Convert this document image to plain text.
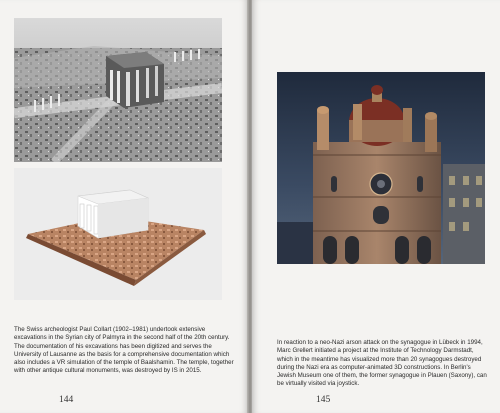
The Swiss archeologist Paul Collart (1902–1981) undertook extensive excavations in the Syrian city of Palmyra in the second half of the 20th century. The documentation of his excavations has been digitized and serves the University of Lausanne as the basis for a comprehensive documentation which also includes a VR simulation of the temple of Baalshamin. The temple, together with other antique cultural monuments, was destroyed by IS in 2015.

144

In reaction to a neo-Nazi arson attack on the synagogue in Lübeck in 1994, Marc Grellert initiated a project at the Institute of Technology Darmstadt, which in the meantime has visualized more than 20 synagogues destroyed during the Nazi era as computer-animated 3D constructions. In Berlin's Jewish Museum one of them, the former synagogue in Plauen (Saxony), can be virtually visited via joystick.

145
